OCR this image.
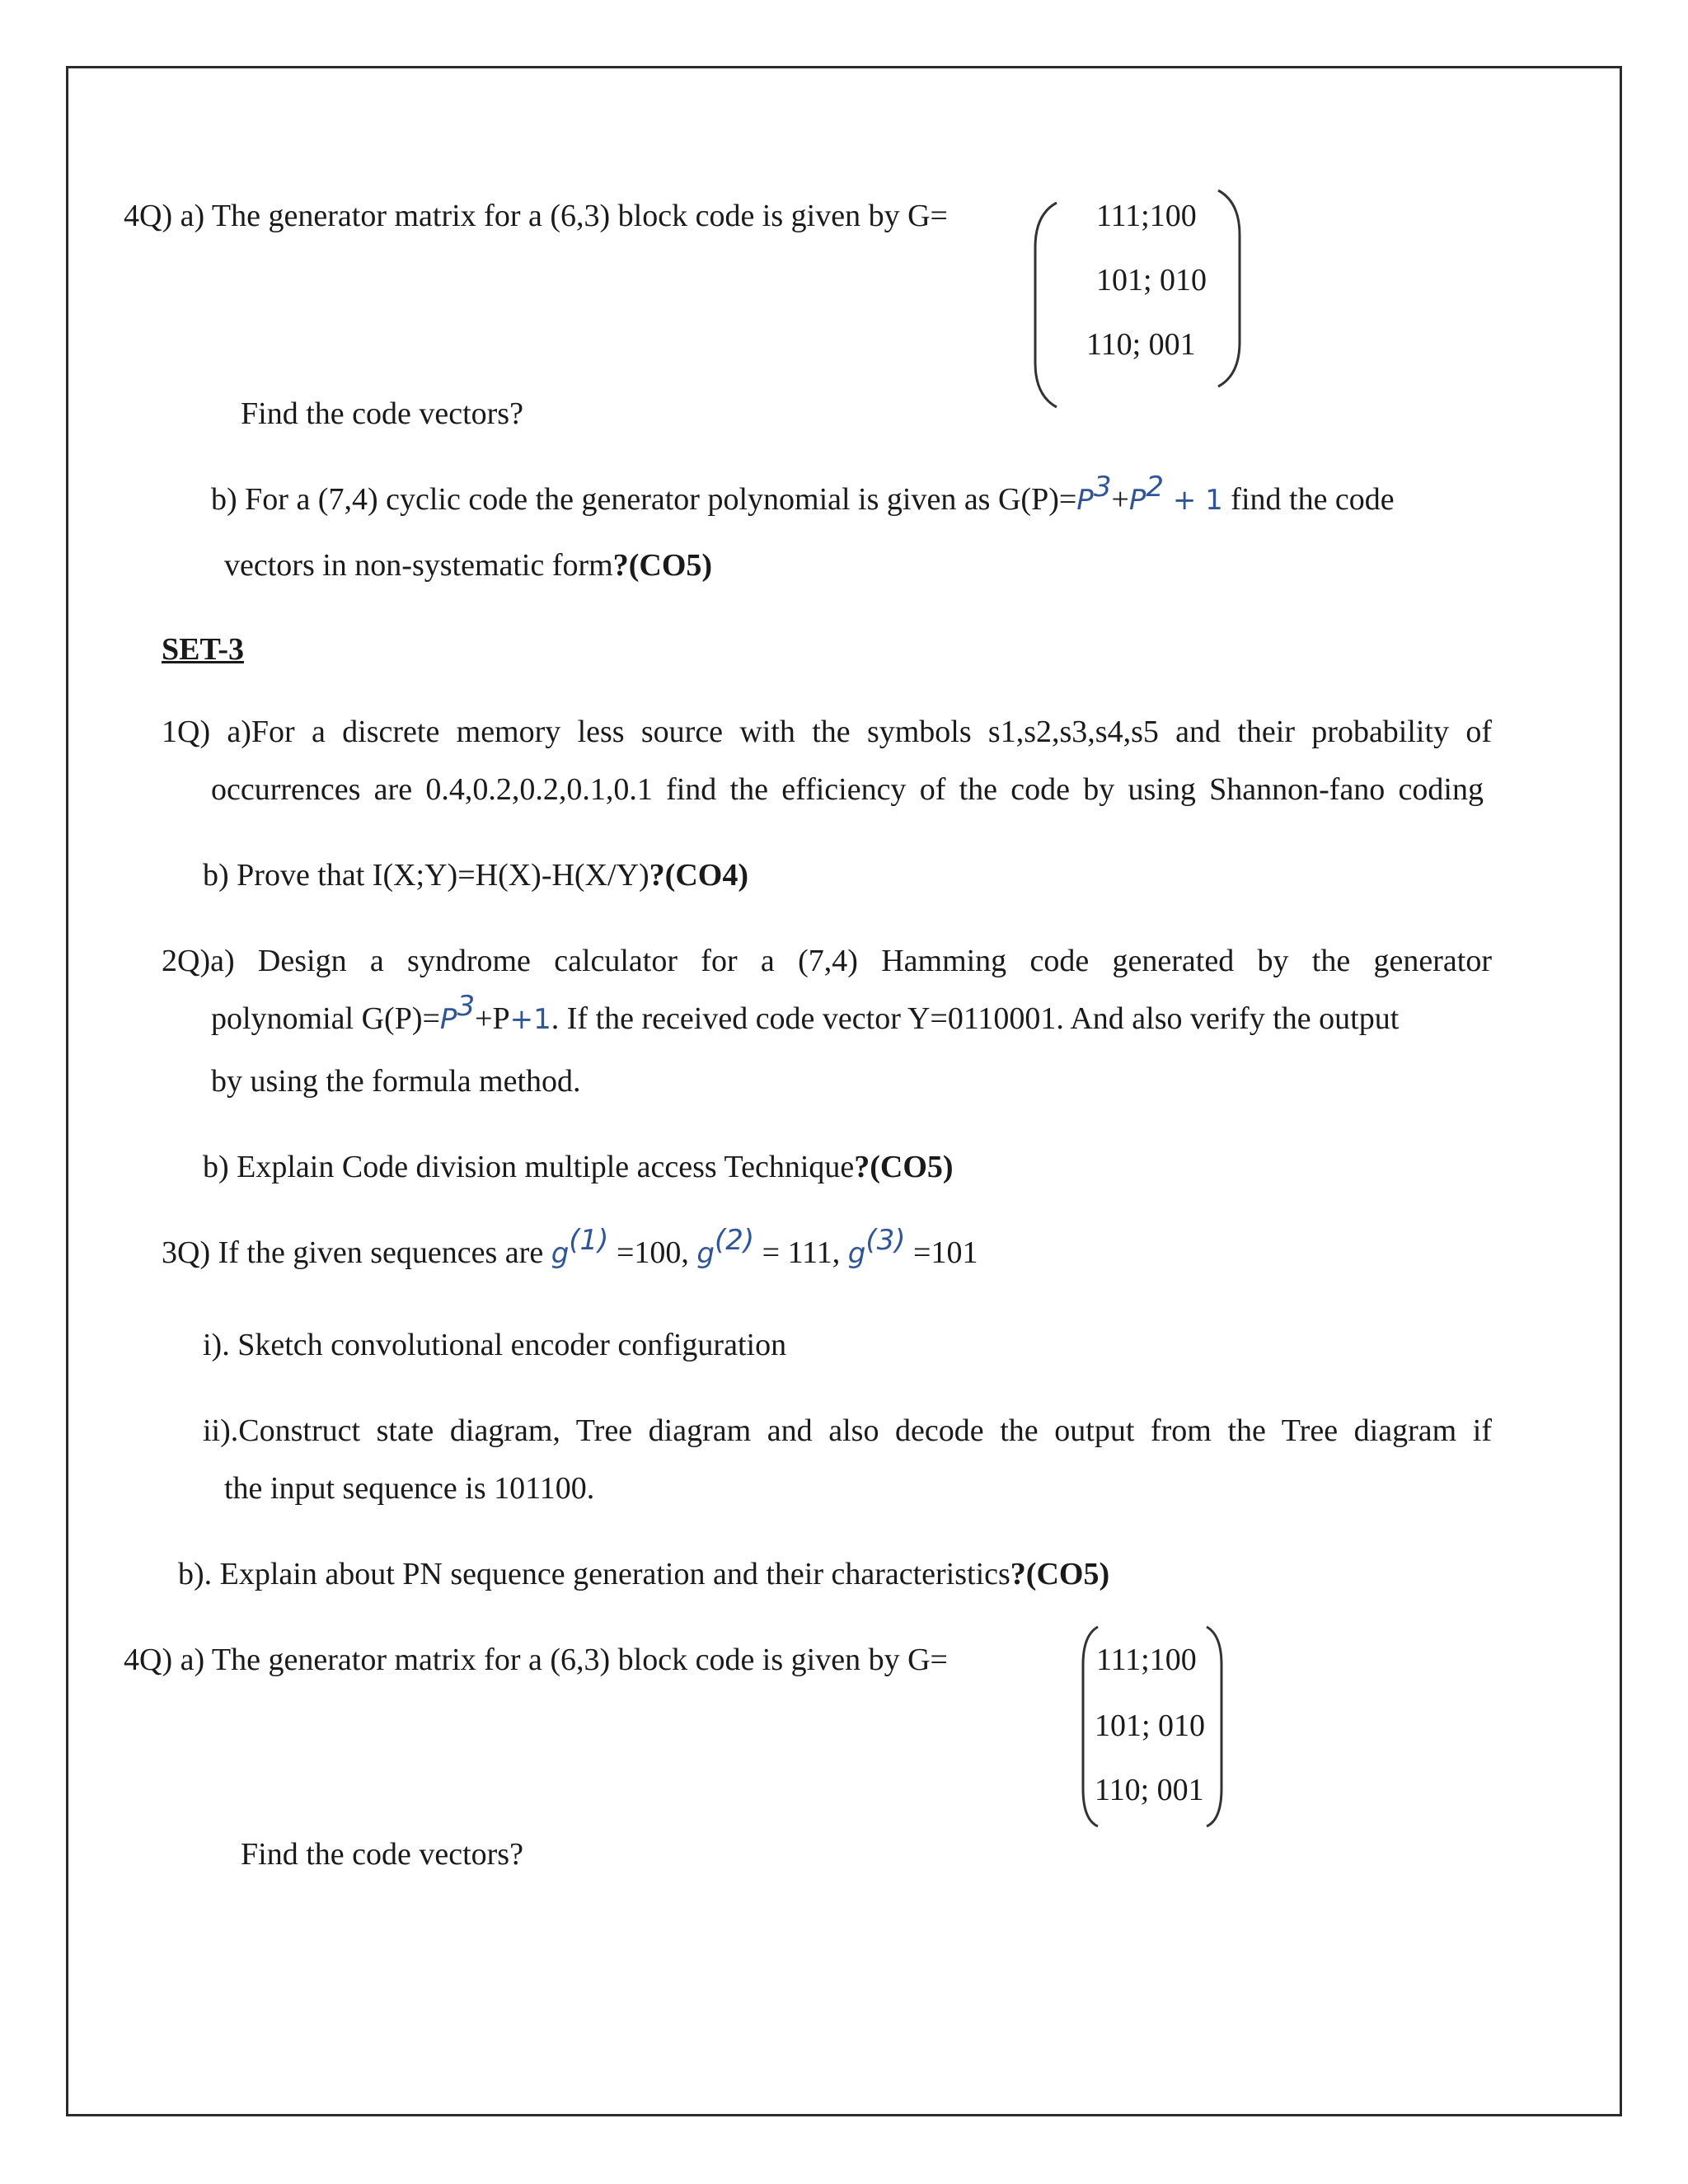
4Q) a) The generator matrix for a (6,3) block code is given by G=	111;100
101; 010
110; 001
Find the code vectors?
b) For a (7,4) cyclic code the generator polynomial is given as $G(P)=P^3+P^2 + 1$ find the code
vectors in non-systematic form?(CO5)
SET-3
1Q) a)For a discrete memory less source with the symbols s1,s2,s3,s4,s5 and their probability of
occurrences are 0.4,0.2,0.2,0.1,0.1 find the efficiency of the code by using Shannon-fano coding
b) Prove that I(X;Y)=H(X)-H(X/Y)?(CO4)
2Q)a) Design a syndrome calculator for a (7,4) Hamming code generated by the generator
polynomial $G(P)=P^3+P+1$. If the received code vector Y=0110001. And also verify the output
by using the formula method.
b) Explain Code division multiple access Technique?(CO5)
3Q) If the given sequences are $g^{(1)} =100$, $g^{(2)} = 111$, $g^{(3)} =101$
i). Sketch convolutional encoder configuration
ii).Construct state diagram, Tree diagram and also decode the output from the Tree diagram if
the input sequence is 101100.
b). Explain about PN sequence generation and their characteristics?(CO5)
4Q) a) The generator matrix for a (6,3) block code is given by G=	111;100
101; 010
110; 001
Find the code vectors?
